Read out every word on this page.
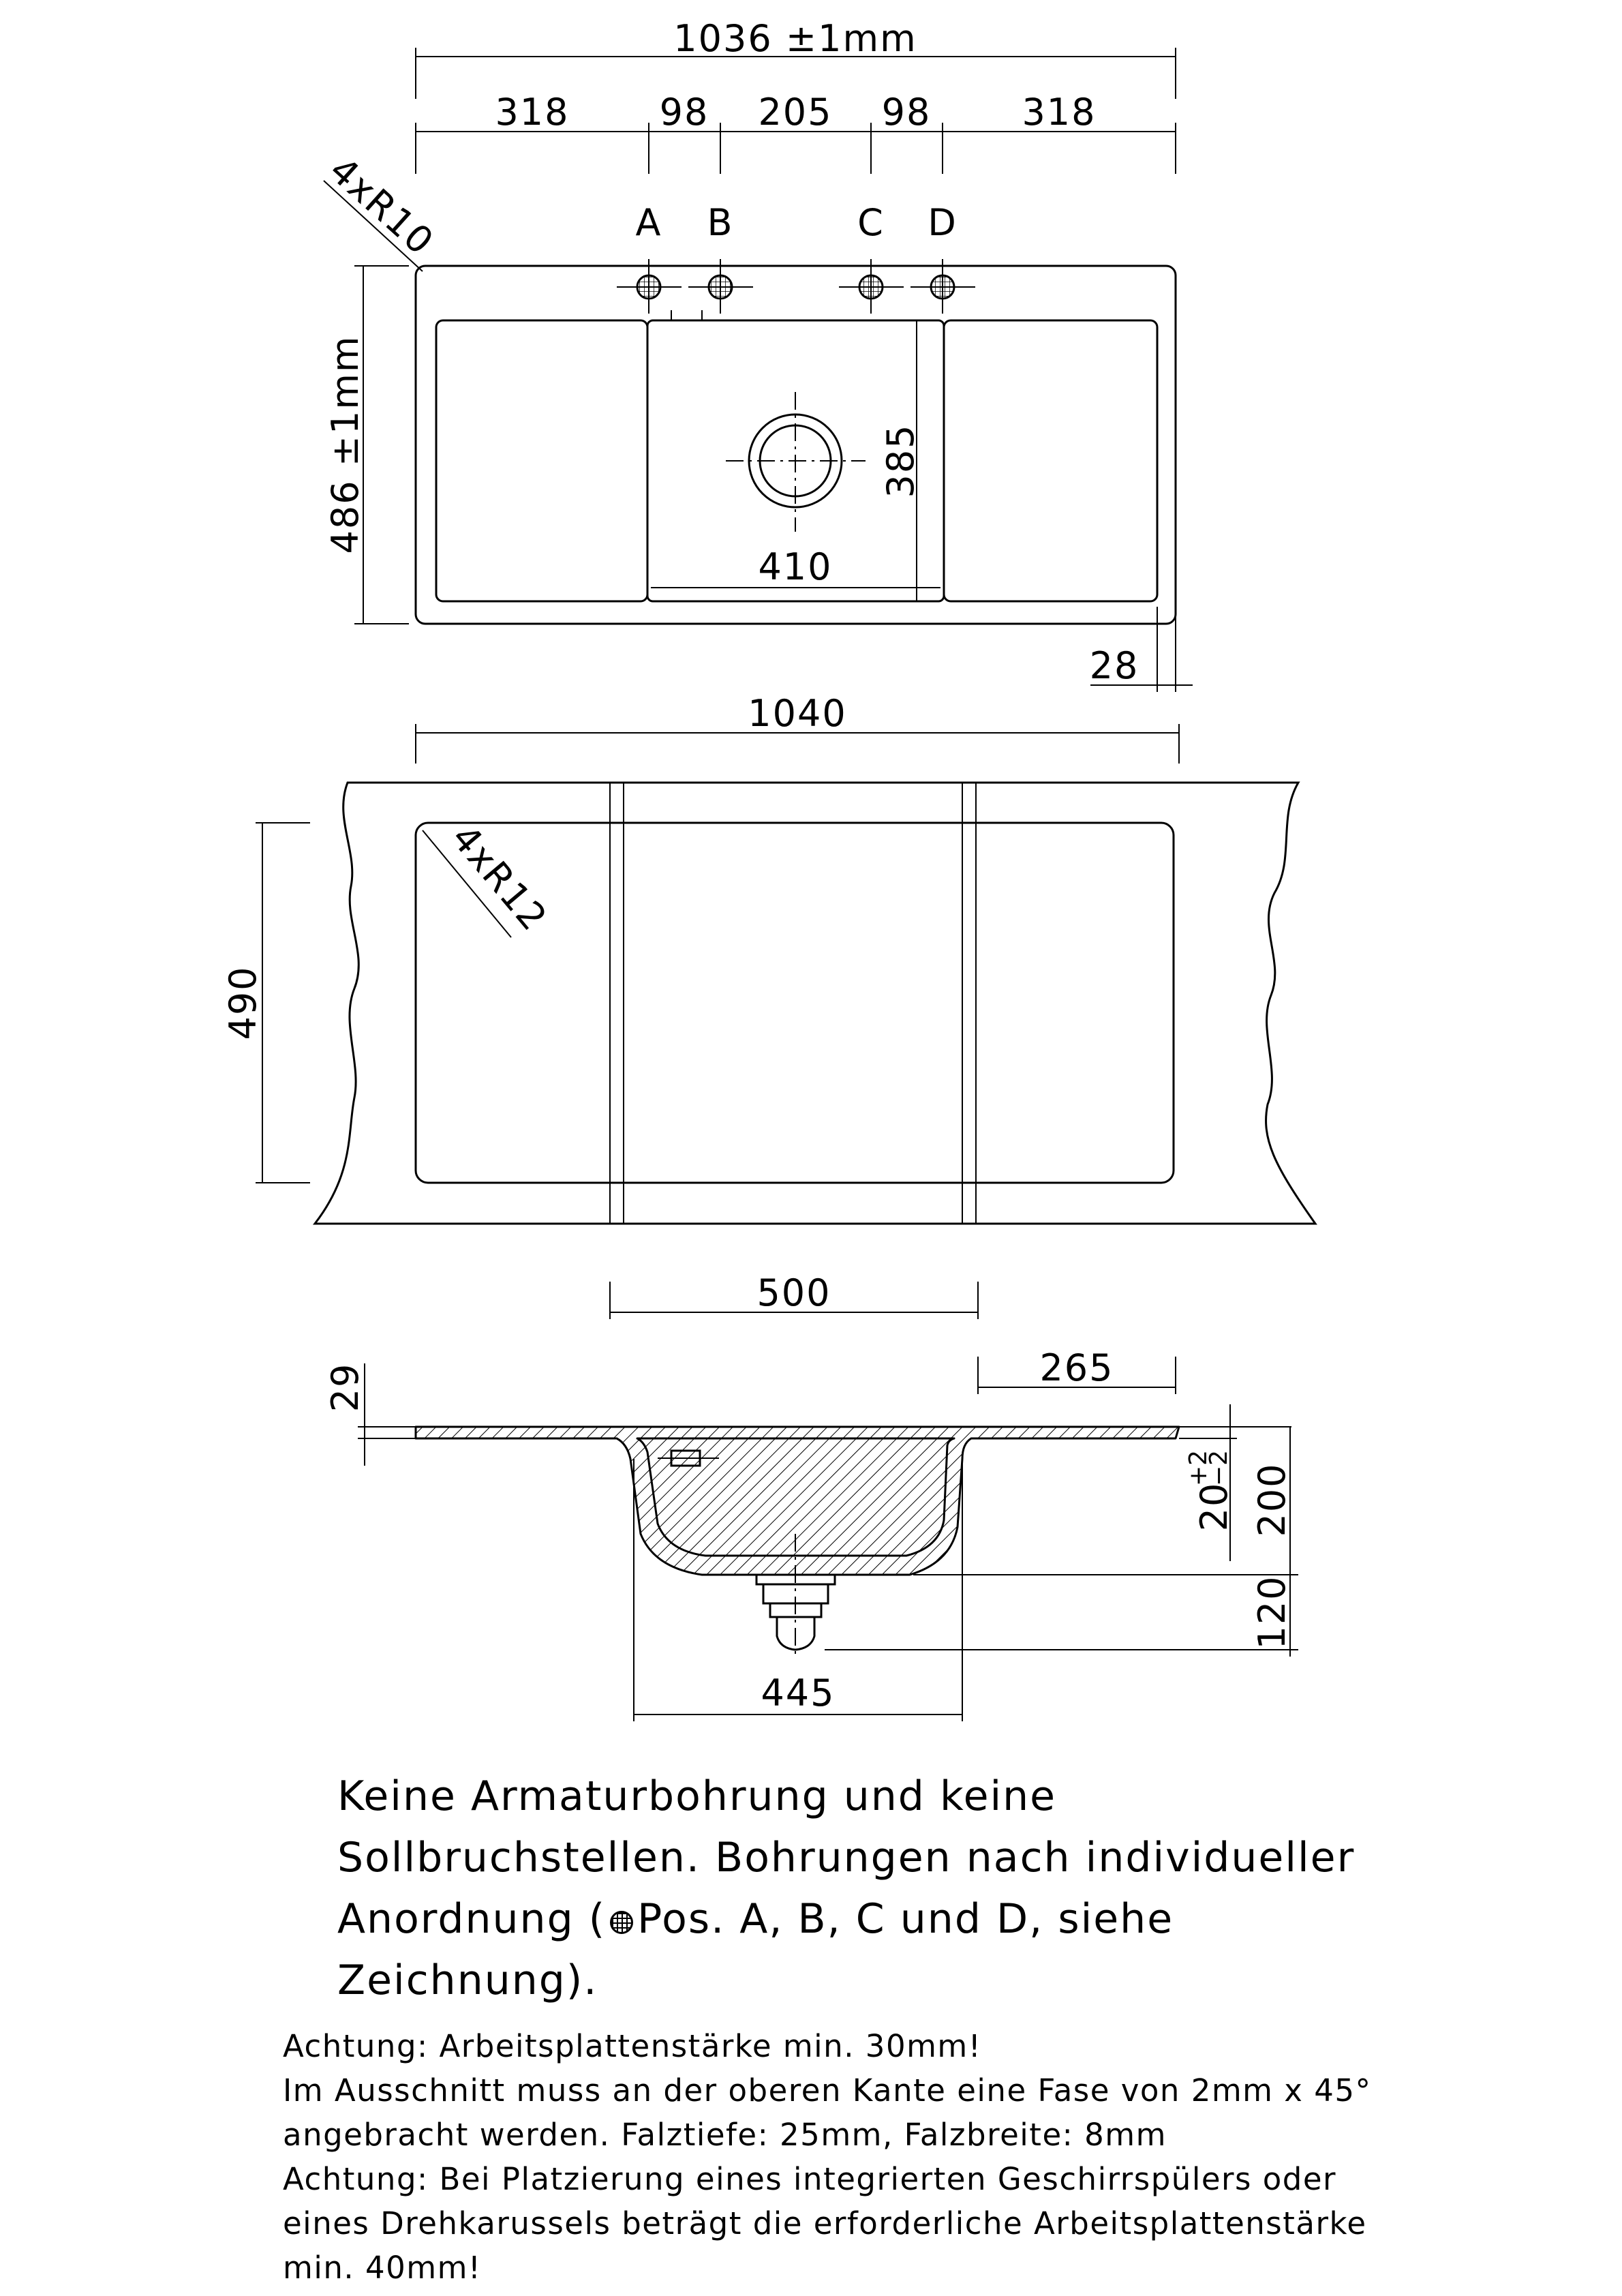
1036 ±1mm
318 98 205 98 318
4xR10	A B	C D
385
410
486 ±1mm
28
1040
4xR12
490
500
265
29
445
20
+2
−2 200
120
Keine Armaturbohrung und keine
Sollbruchstellen. Bohrungen nach individueller
Anordnung ( Pos. A, B, C und D, siehe
Zeichnung).
Achtung: Arbeitsplattenstärke min. 30mm!
Im Ausschnitt muss an der oberen Kante eine Fase von 2mm x 45°
angebracht werden. Falztiefe: 25mm, Falzbreite: 8mm
Achtung: Bei Platzierung eines integrierten Geschirrspülers oder
eines Drehkarussels beträgt die erforderliche Arbeitsplattenstärke
min. 40mm!
